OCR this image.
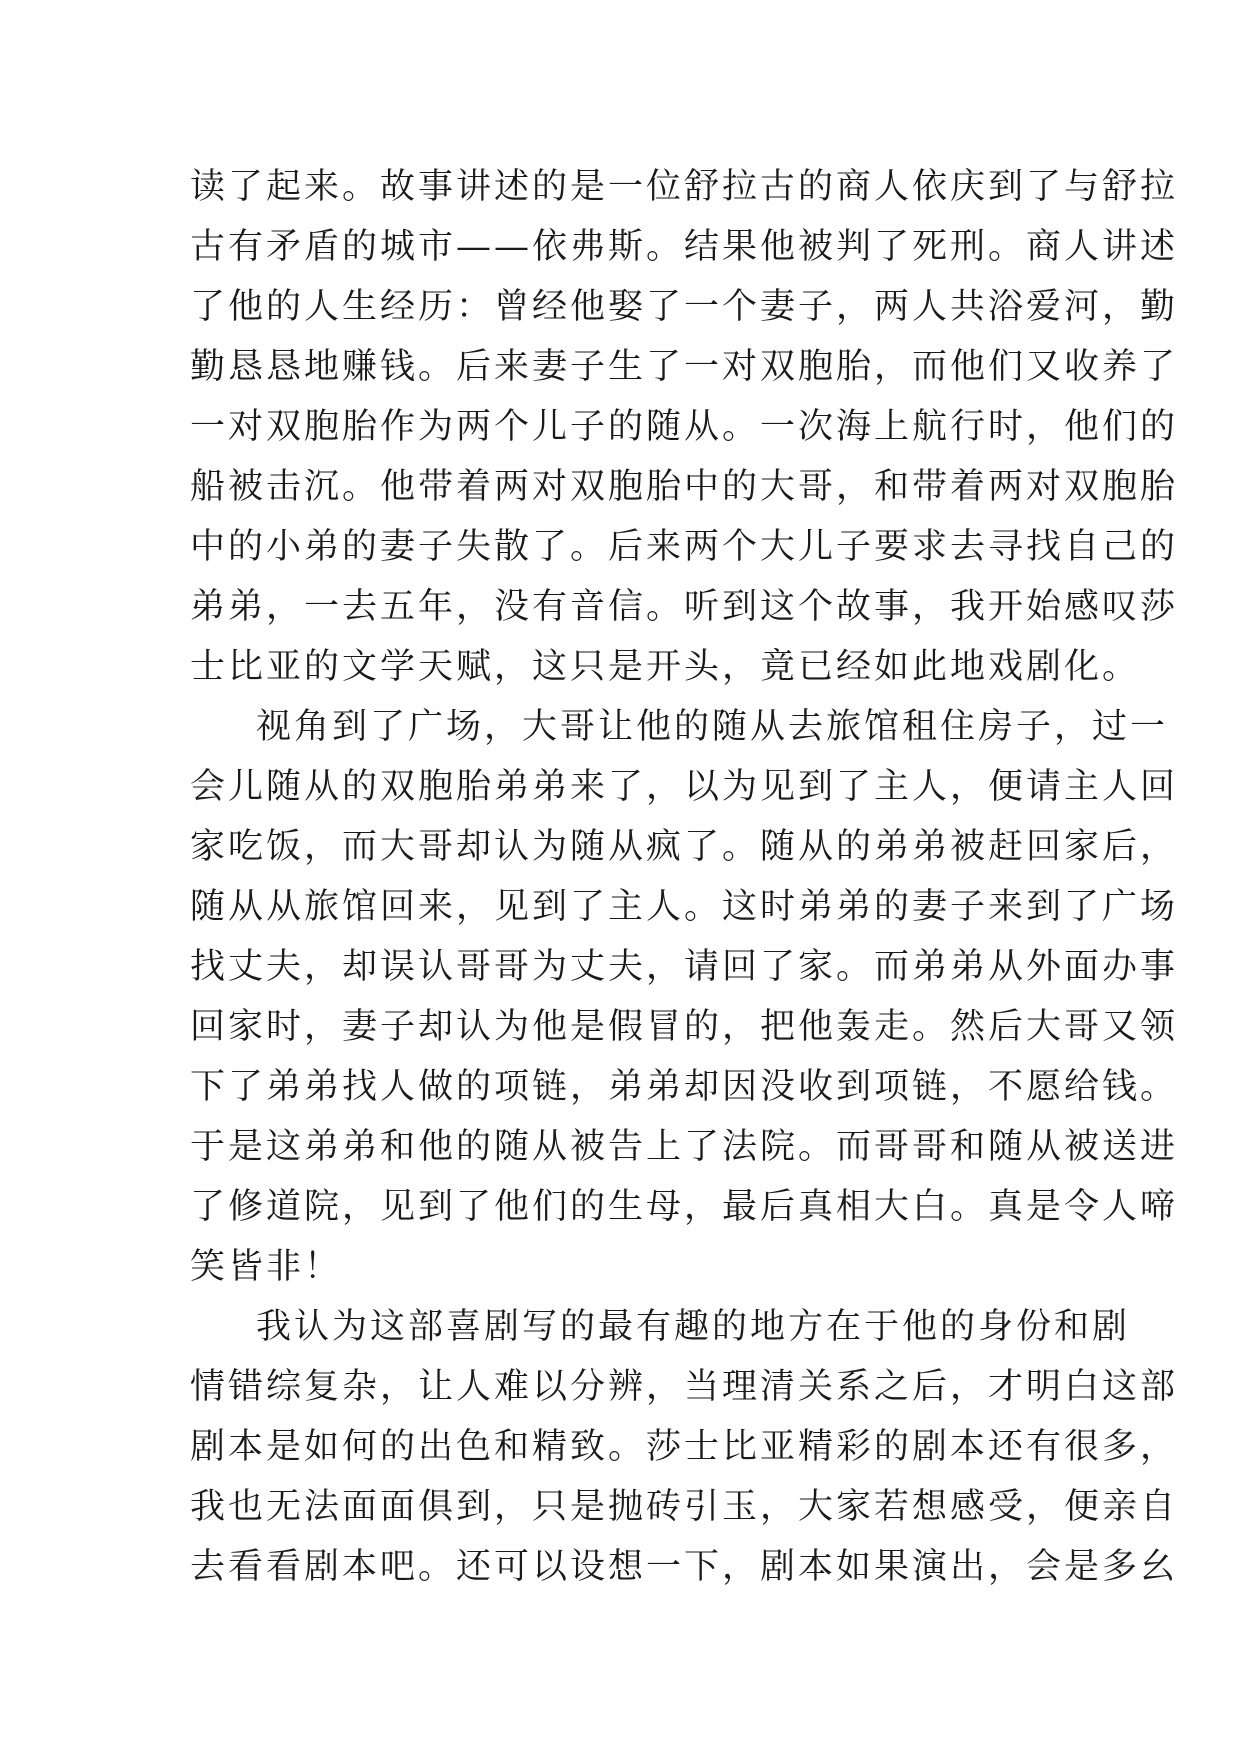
读了起来。故事讲述的是一位舒拉古的商人依庆到了与舒拉
古有矛盾的城市——依弗斯。结果他被判了死刑。商人讲述
了他的人生经历：曾经他娶了一个妻子，两人共浴爱河，勤
勤恳恳地赚钱。后来妻子生了一对双胞胎，而他们又收养了
一对双胞胎作为两个儿子的随从。一次海上航行时，他们的
船被击沉。他带着两对双胞胎中的大哥，和带着两对双胞胎
中的小弟的妻子失散了。后来两个大儿子要求去寻找自己的
弟弟，一去五年，没有音信。听到这个故事，我开始感叹莎
士比亚的文学天赋，这只是开头，竟已经如此地戏剧化。
视角到了广场，大哥让他的随从去旅馆租住房子，过一
会儿随从的双胞胎弟弟来了，以为见到了主人，便请主人回
家吃饭，而大哥却认为随从疯了。随从的弟弟被赶回家后，
随从从旅馆回来，见到了主人。这时弟弟的妻子来到了广场
找丈夫，却误认哥哥为丈夫，请回了家。而弟弟从外面办事
回家时，妻子却认为他是假冒的，把他轰走。然后大哥又领
下了弟弟找人做的项链，弟弟却因没收到项链，不愿给钱。
于是这弟弟和他的随从被告上了法院。而哥哥和随从被送进
了修道院，见到了他们的生母，最后真相大白。真是令人啼
笑皆非！
我认为这部喜剧写的最有趣的地方在于他的身份和剧
情错综复杂，让人难以分辨，当理清关系之后，才明白这部
剧本是如何的出色和精致。莎士比亚精彩的剧本还有很多，
我也无法面面俱到，只是抛砖引玉，大家若想感受，便亲自
去看看剧本吧。还可以设想一下，剧本如果演出，会是多幺
